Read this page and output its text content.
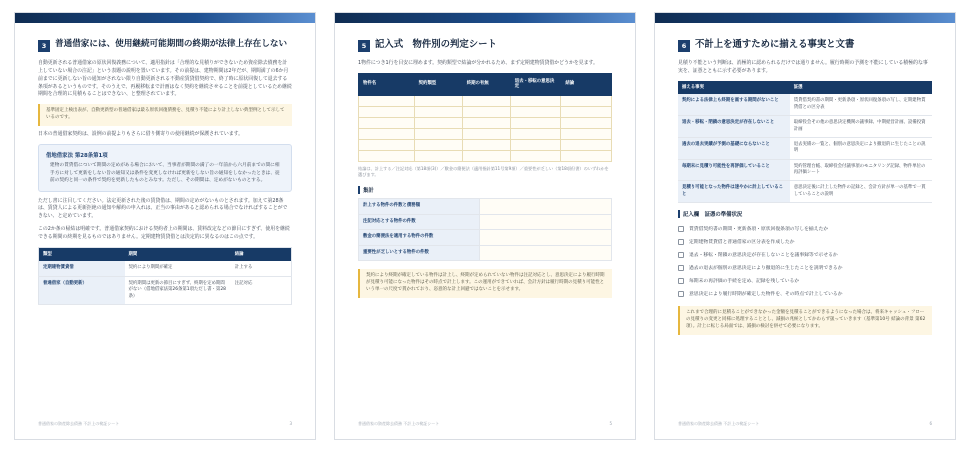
3	普通借家には、使用継続可能期間の終期が法律上存在しない

自動更新される普通借家の原状回復義務について、適用指針は「合理的な見積りができないため資産除去債務を計上していない場合の注記」という表題の説明を置いています。その前提は、建物期間は2年だが、期間満了の6か月前までに更新しない旨の通知がされない限り自動更新される不動産賃貸借契約で、終了時に原状回復して退去する条項があるというものです。そのうえで、再履移転まで計画はなく契約を継続させることを前提としているため継続期間を合理的に見積もることはできない、と整理されています。

基準固定上検出表が、自動更新型の普通借家は最る原状回復債務を、見積り不能により計上しない典型例として示しているのです。

日本の普通借家契約は、設例の前提よりもさらに借り側寄りの使用継続が保護されています。

借地借家法 第28条第1項
建物の賃貸借について期間の定めがある場合において、当事者が期間の満了の一年前から六月前までの間に相手方に対して更新をしない旨の通知又は条件を変更しなければ更新をしない旨の通知をしなかったときは、従前の契約と同一の条件で契約を更新したものとみなす。ただし、その期間は、定めがないものとする。

ただし書に注目してください。法定更新された後の賃貸借は、期間の定めがないものとされます。加えて第28条は、賃貸人による更新拒絶の通知や解約の申入れは、正当の事由があると認められる場合でなければすることができない、と定めています。

この2か条の帰結は明確です。普通借家契約における契約者上の期間は、賃料改定などの節目にすぎず、使用を継続できる期間の終期を見るものではありません。定期建物賃貸借とは決定的に異なるのはこの点です。

類型	期間	結論
定期建物賃貸借	契約により期間が確定	計上する
普通借家（自動更新）	契約期間は更新の節目にすぎず、終期を定め期間がない（借地借家法第26条第1項ただし書・第28条）	注記対応
普通借家の資産除去債務 不計上の検証シート	3
5 記入式　物件別の判定シート

1物件につき1行を目安に埋めます。契約類型で結論が分かれるため、まず定期建物賃貸借かどうかを見ます。

物件名	契約類型	終期の有無	退去・移転の意思決定	結論

結論は、計上する／注記対応（第18項(3)）／敷金の簡便法（適用指針第11号第9項）／重要性が乏しい（第18項但書）のいずれかを選びます。

集計
計上する物件の件数と債務額	
注記対応とする物件の件数	
敷金の簡便法を適用する物件の件数	
重要性が乏しいとする物件の件数	
契約により終期が確定している物件は計上し、終期が定められていない物件は注記対応とし、意思決定により履行時期が見積り可能になった物件はその時点で計上します。この運用ができていれば、会計方針は履行時期の見積り可能性という単一の尺度で貫かれており、恣意的な計上回避ではないことを示せます。
普通借家の資産除去債務 不計上の検証シート	5
6 不計上を通すために揃える事実と文書

見積り不能という判断は、消極的に認められるだけでは通りません。履行時期の予測を不能にしている積極的な事実を、証憑とともに示す必要があります。

揃える事実	証憑
契約による法律上も終期を画する期間がないこと	賃貸借契約書の期間・更新条項・原状回復条項の写し、定期建物賃貸借との区分表
退去・移転・閉鎖の意思決定が存在しないこと	取締役会その他の意思決定機関の議事録、中期経営計画、設備投資計画
過去の退去実績が予測の基礎にならないこと	退去実績の一覧と、個別の意思決定により撤退的に生じたことの説明
毎期末に見積り可能性を再評価していること	契約管理台帳、取締役会付議事項のモニタリング記録、物件単位の再評価シート
見積り可能となった物件は速やかに計上していること	意思決定後に計上した物件の記録と、会計方針が単一の基準で一貫していることの説明
記入欄　証憑の準備状況
賃貸借契約書の期間・更新条項・原状回復条項の写しを揃えたか
定期建物賃貸借と普通借家の区分表を作成したか
退去・移転・閉鎖の意思決定が存在しないことを議事録等で示せるか
過去の退去が個別の意思決定により撤退的に生じたことを説明できるか
毎期末の再評価の手続を定め、記録を残しているか
意思決定により履行時期が確定した物件を、その時点で計上しているか
これまで合理的に見積ることができなかった金額を見積ることができるようになった場合は、将来キャッシュ・フローの見積りの変更と同様に処理することとし、減損の兆候としてかわらず扱っていきます（基準第10号 結論の背景 第62項）。計上に転じる局面では、減損の検討を併せて必要になります。
普通借家の資産除去債務 不計上の検証シート	6
